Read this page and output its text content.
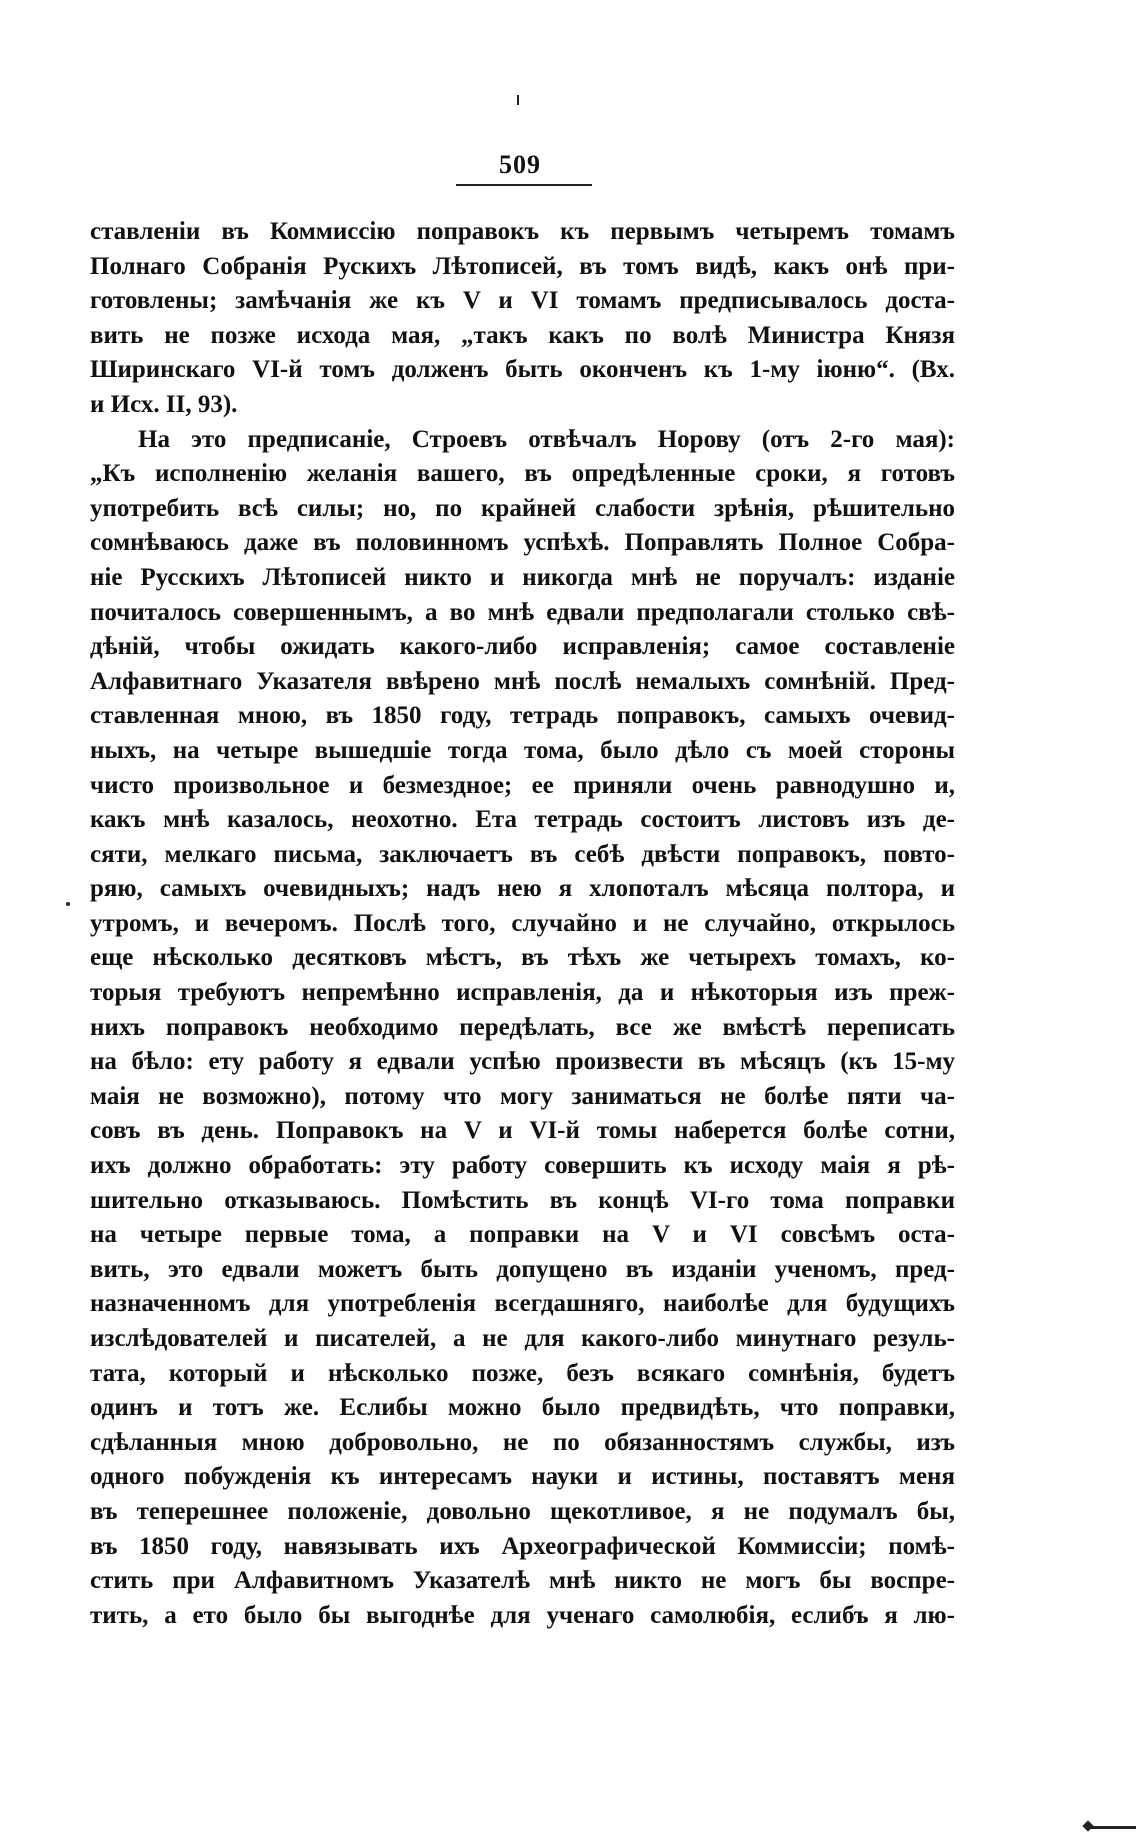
509
ставленіи въ Коммиссію поправокъ къ первымъ четыремъ томамъ
Полнаго Собранія Рускихъ Лѣтописей, въ томъ видѣ, какъ онѣ при-
готовлены; замѣчанія же къ V и VI томамъ предписывалось доста-
вить не позже исхода мая, „такъ какъ по волѣ Министра Князя
Ширинскаго VI-й томъ долженъ быть оконченъ къ 1-му іюню“. (Вх.
и Исх. II, 93).
На это предписаніе, Строевъ отвѣчалъ Норову (отъ 2-го мая):
„Къ исполненію желанія вашего, въ опредѣленные сроки, я готовъ
употребить всѣ силы; но, по крайней слабости зрѣнія, рѣшительно
сомнѣваюсь даже въ половинномъ успѣхѣ. Поправлять Полное Собра-
ніе Русскихъ Лѣтописей никто и никогда мнѣ не поручалъ: изданіе
почиталось совершеннымъ, а во мнѣ едвали предполагали столько свѣ-
дѣній, чтобы ожидать какого-либо исправленія; самое составленіе
Алфавитнаго Указателя ввѣрено мнѣ послѣ немалыхъ сомнѣній. Пред-
ставленная мною, въ 1850 году, тетрадь поправокъ, самыхъ очевид-
ныхъ, на четыре вышедшіе тогда тома, было дѣло съ моей стороны
чисто произвольное и безмездное; ее приняли очень равнодушно и,
какъ мнѣ казалось, неохотно. Ета тетрадь состоитъ листовъ изъ де-
сяти, мелкаго письма, заключаетъ въ себѣ двѣсти поправокъ, повто-
ряю, самыхъ очевидныхъ; надъ нею я хлопоталъ мѣсяца полтора, и
утромъ, и вечеромъ. Послѣ того, случайно и не случайно, открылось
еще нѣсколько десятковъ мѣстъ, въ тѣхъ же четырехъ томахъ, ко-
торыя требуютъ непремѣнно исправленія, да и нѣкоторыя изъ преж-
нихъ поправокъ необходимо передѣлать, все же вмѣстѣ переписать
на бѣло: ету работу я едвали успѣю произвести въ мѣсяцъ (къ 15-му
маія не возможно), потому что могу заниматься не болѣе пяти ча-
совъ въ день. Поправокъ на V и VI-й томы наберется болѣе сотни,
ихъ должно обработать: эту работу совершить къ исходу маія я рѣ-
шительно отказываюсь. Помѣстить въ концѣ VI-го тома поправки
на четыре первые тома, а поправки на V и VI совсѣмъ оста-
вить, это едвали можетъ быть допущено въ изданіи ученомъ, пред-
назначенномъ для употребленія всегдашняго, наиболѣе для будущихъ
изслѣдователей и писателей, а не для какого-либо минутнаго резуль-
тата, который и нѣсколько позже, безъ всякаго сомнѣнія, будетъ
одинъ и тотъ же. Еслибы можно было предвидѣть, что поправки,
сдѣланныя мною добровольно, не по обязанностямъ службы, изъ
одного побужденія къ интересамъ науки и истины, поставятъ меня
въ теперешнее положеніе, довольно щекотливое, я не подумалъ бы,
въ 1850 году, навязывать ихъ Археографической Коммиссіи; помѣ-
стить при Алфавитномъ Указателѣ мнѣ никто не могъ бы воспре-
тить, а ето было бы выгоднѣе для ученаго самолюбія, еслибъ я лю-
